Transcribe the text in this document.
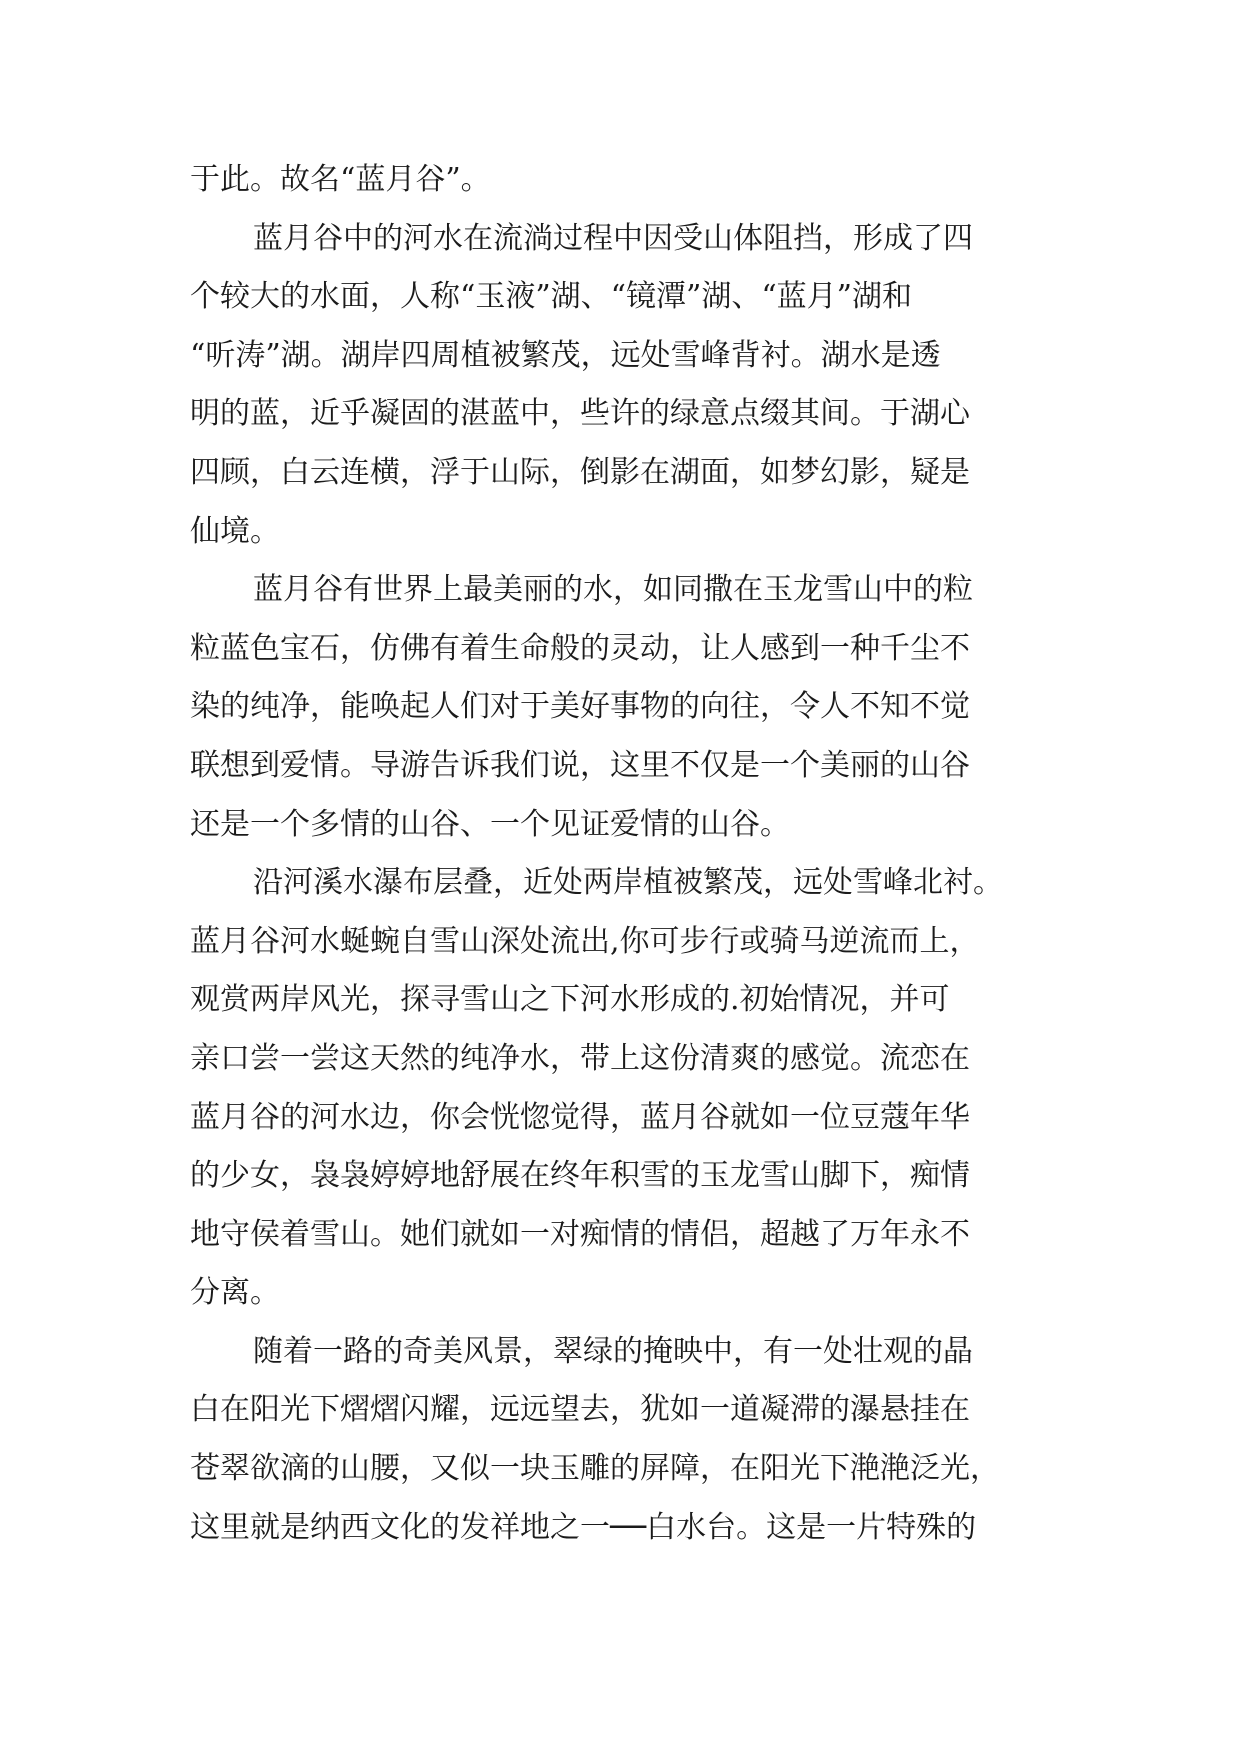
于此。故名“蓝月谷”。
蓝月谷中的河水在流淌过程中因受山体阻挡，形成了四
个较大的水面，人称“玉液”湖、“镜潭”湖、“蓝月”湖和
“听涛”湖。湖岸四周植被繁茂，远处雪峰背衬。湖水是透
明的蓝，近乎凝固的湛蓝中，些许的绿意点缀其间。于湖心
四顾，白云连横，浮于山际，倒影在湖面，如梦幻影，疑是
仙境。
蓝月谷有世界上最美丽的水，如同撒在玉龙雪山中的粒
粒蓝色宝石，仿佛有着生命般的灵动，让人感到一种千尘不
染的纯净，能唤起人们对于美好事物的向往，令人不知不觉
联想到爱情。导游告诉我们说，这里不仅是一个美丽的山谷
还是一个多情的山谷、一个见证爱情的山谷。
沿河溪水瀑布层叠，近处两岸植被繁茂，远处雪峰北衬。
蓝月谷河水蜒蜿自雪山深处流出,你可步行或骑马逆流而上，
观赏两岸风光，探寻雪山之下河水形成的.初始情况，并可
亲口尝一尝这天然的纯净水，带上这份清爽的感觉。流恋在
蓝月谷的河水边，你会恍惚觉得，蓝月谷就如一位豆蔻年华
的少女，袅袅婷婷地舒展在终年积雪的玉龙雪山脚下，痴情
地守侯着雪山。她们就如一对痴情的情侣，超越了万年永不
分离。
随着一路的奇美风景，翠绿的掩映中，有一处壮观的晶
白在阳光下熠熠闪耀，远远望去，犹如一道凝滞的瀑悬挂在
苍翠欲滴的山腰，又似一块玉雕的屏障，在阳光下滟滟泛光，
这里就是纳西文化的发祥地之一──白水台。这是一片特殊的
